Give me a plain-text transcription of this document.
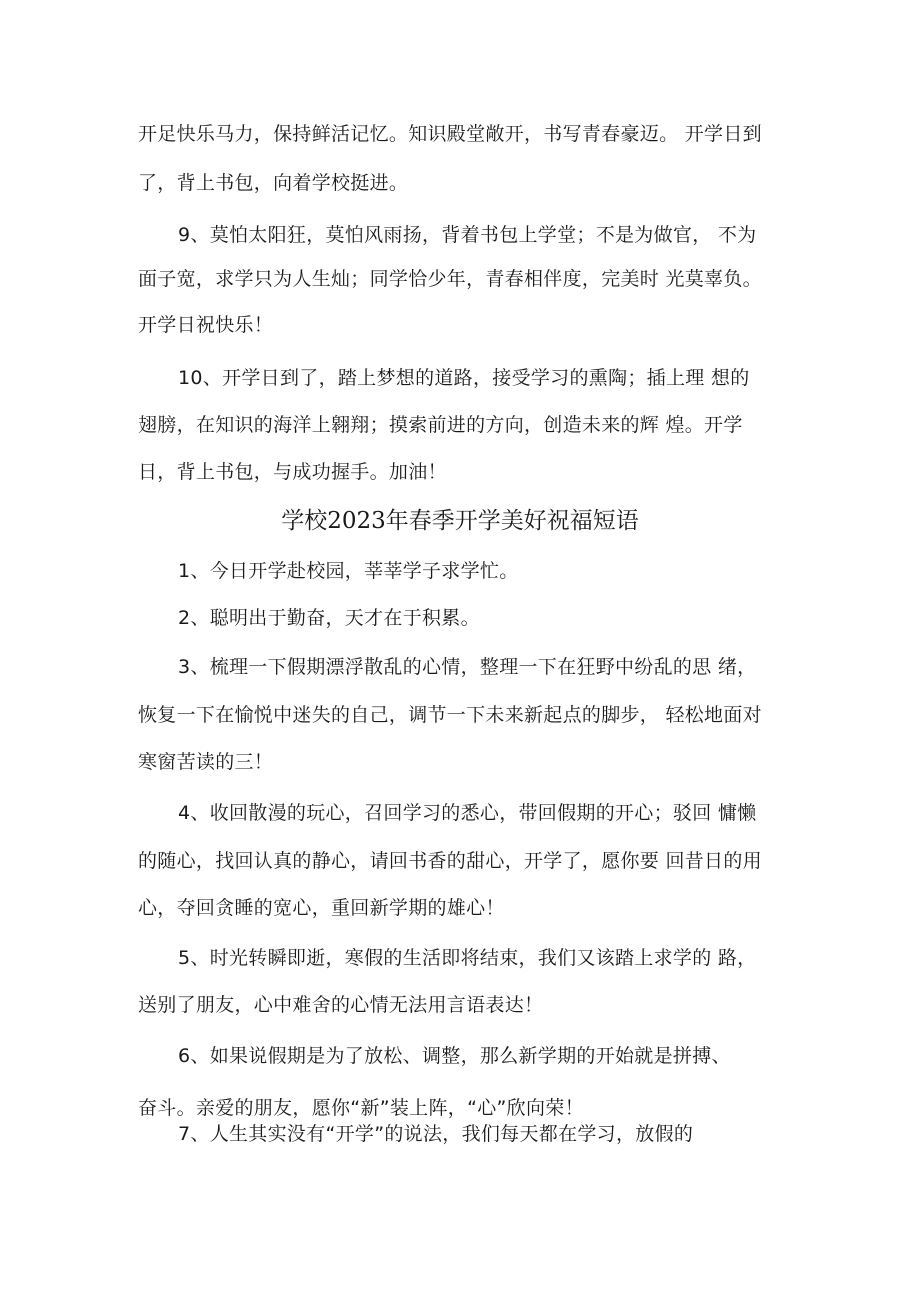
开足快乐马力，保持鲜活记忆。知识殿堂敞开，书写青春豪迈。 开学日到
了，背上书包，向着学校挺进。
9、莫怕太阳狂，莫怕风雨扬，背着书包上学堂；不是为做官， 不为
面子宽，求学只为人生灿；同学恰少年，青春相伴度，完美时 光莫辜负。
开学日祝快乐！
10、开学日到了，踏上梦想的道路，接受学习的熏陶；插上理 想的
翅膀，在知识的海洋上翱翔；摸索前进的方向，创造未来的辉 煌。开学
日，背上书包，与成功握手。加油！
学校2023年春季开学美好祝福短语
1、今日开学赴校园，莘莘学子求学忙。
2、聪明出于勤奋，天才在于积累。
3、梳理一下假期漂浮散乱的心情，整理一下在狂野中纷乱的思 绪，
恢复一下在愉悦中迷失的自己，调节一下未来新起点的脚步， 轻松地面对
寒窗苦读的三！
4、收回散漫的玩心，召回学习的悉心，带回假期的开心；驳回 慵懒
的随心，找回认真的静心，请回书香的甜心，开学了，愿你要 回昔日的用
心，夺回贪睡的宽心，重回新学期的雄心！
5、时光转瞬即逝，寒假的生活即将结束，我们又该踏上求学的 路，
送别了朋友，心中难舍的心情无法用言语表达！
6、如果说假期是为了放松、调整，那么新学期的开始就是拼搏、
奋斗。亲爱的朋友，愿你“新”装上阵，“心”欣向荣！
7、人生其实没有“开学”的说法，我们每天都在学习，放假的
